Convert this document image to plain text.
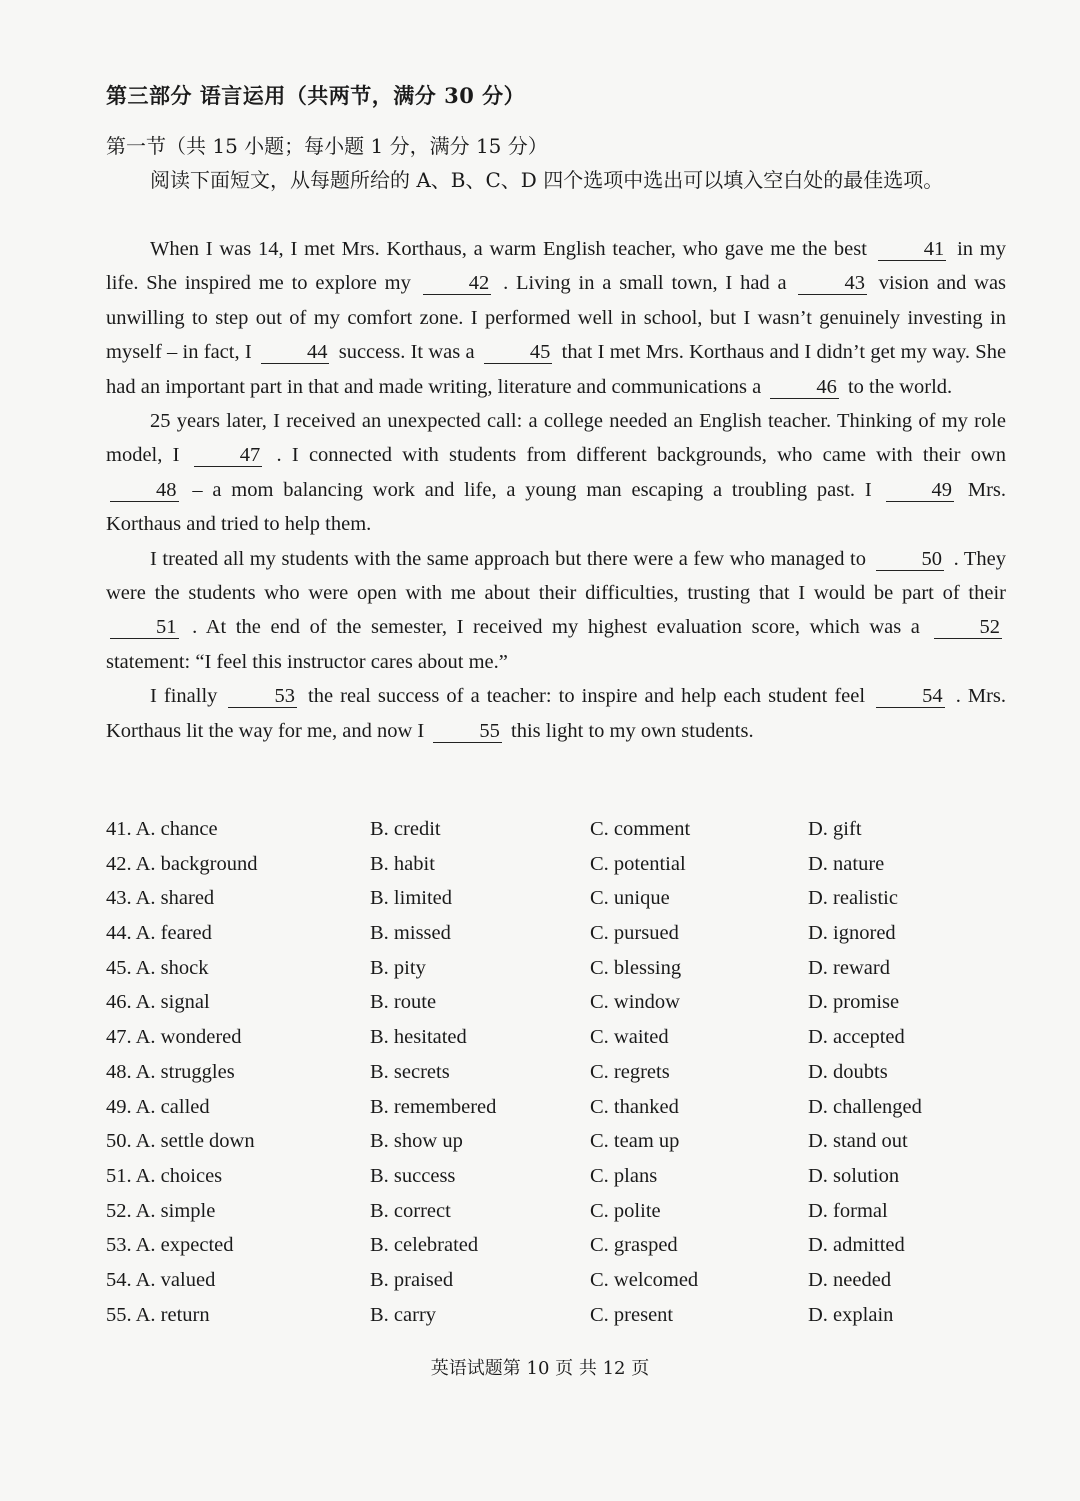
第三部分 语言运用（共两节，满分 30 分）
第一节（共 15 小题；每小题 1 分，满分 15 分）
阅读下面短文，从每题所给的 A、B、C、D 四个选项中选出可以填入空白处的最佳选项。

When I was 14, I met Mrs. Korthaus, a warm English teacher, who gave me the best	41 in my life. She inspired me to explore my	42 . Living in a small town, I had a	43 vision and was unwilling to step out of my comfort zone. I performed well in school, but I wasn’t genuinely investing in myself – in fact, I	44 success. It was a	45 that I met Mrs. Korthaus and I didn’t get my way. She had an important part in that and made writing, literature and communications a	46 to the world.

25 years later, I received an unexpected call: a college needed an English teacher. Thinking of my role model, I	47 . I connected with students from different backgrounds, who came with their own 48 – a mom balancing work and life, a young man escaping a troubling past. I	49 Mrs. Korthaus and tried to help them.

I treated all my students with the same approach but there were a few who managed to	50 . They were the students who were open with me about their difficulties, trusting that I would be part of their 51 . At the end of the semester, I received my highest evaluation score, which was a	52 statement: “I feel this instructor cares about me.”

I finally	53 the real success of a teacher: to inspire and help each student feel	54 . Mrs. Korthaus lit the way for me, and now I	55 this light to my own students.

41. A. chance	B. credit	C. comment	D. gift
42. A. background	B. habit	C. potential	D. nature
43. A. shared	B. limited	C. unique	D. realistic
44. A. feared	B. missed	C. pursued	D. ignored
45. A. shock	B. pity	C. blessing	D. reward
46. A. signal	B. route	C. window	D. promise
47. A. wondered	B. hesitated	C. waited	D. accepted
48. A. struggles	B. secrets	C. regrets	D. doubts
49. A. called	B. remembered	C. thanked	D. challenged
50. A. settle down	B. show up	C. team up	D. stand out
51. A. choices	B. success	C. plans	D. solution
52. A. simple	B. correct	C. polite	D. formal
53. A. expected	B. celebrated	C. grasped	D. admitted
54. A. valued	B. praised	C. welcomed	D. needed
55. A. return	B. carry	C. present	D. explain
英语试题第 10 页 共 12 页
